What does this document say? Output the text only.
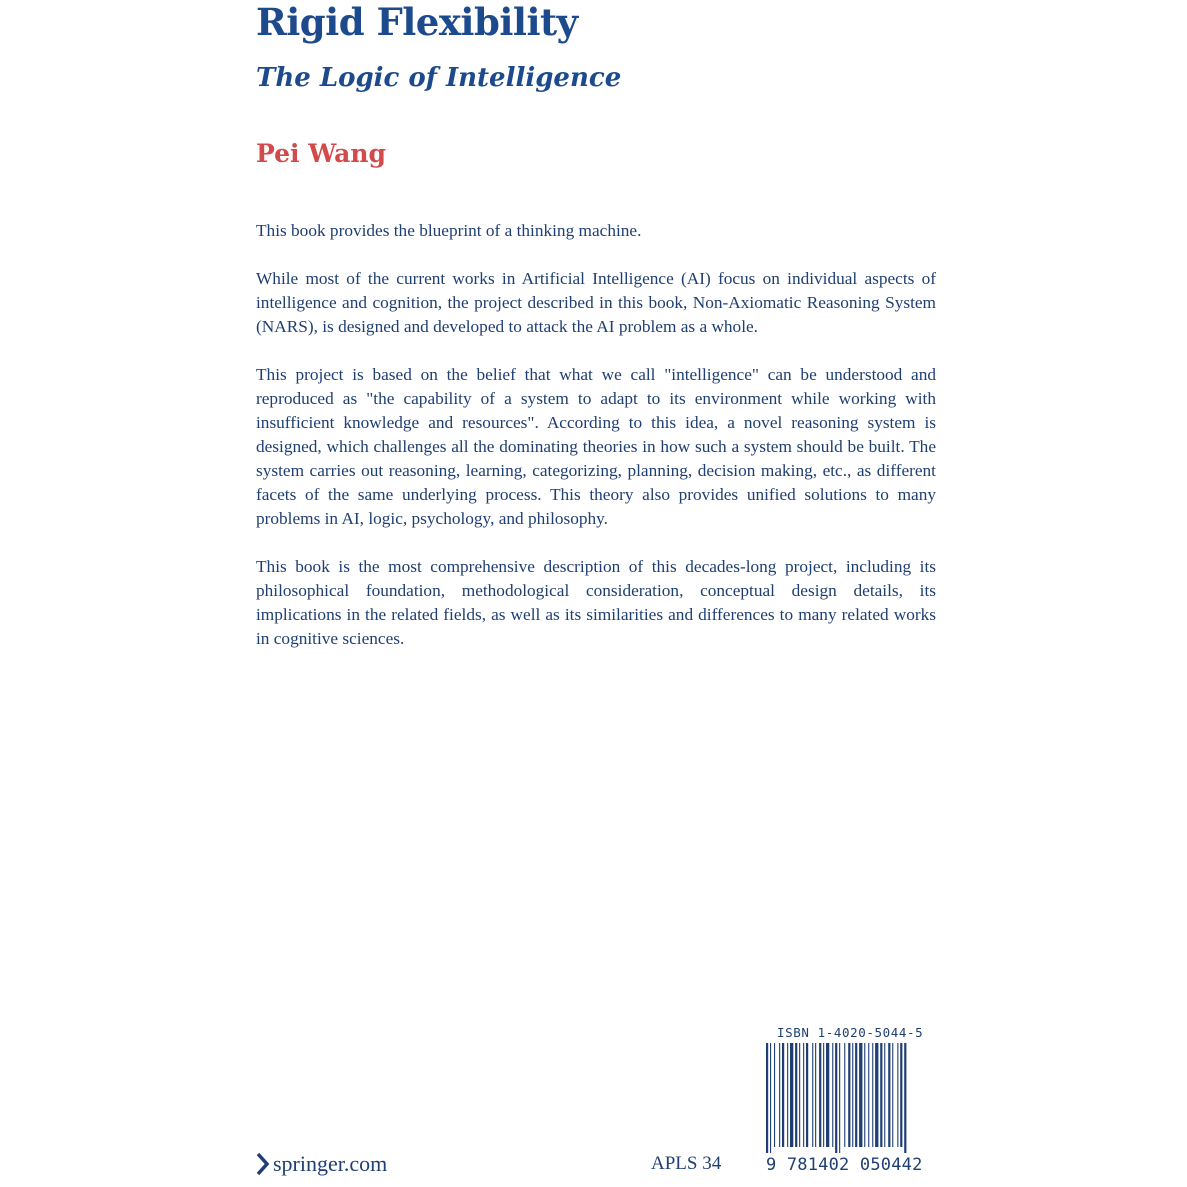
Rigid Flexibility
The Logic of Intelligence
Pei Wang

This book provides the blueprint of a thinking machine.

While most of the current works in Artificial Intelligence (AI) focus on individual aspects of intelligence and cognition, the project described in this book, Non-Axiomatic Reasoning System (NARS), is designed and developed to attack the AI problem as a whole.

This project is based on the belief that what we call "intelligence" can be understood and reproduced as "the capability of a system to adapt to its environment while working with insufficient knowledge and resources". According to this idea, a novel reasoning system is designed, which challenges all the dominating theories in how such a system should be built. The system carries out reasoning, learning, categorizing, planning, decision making, etc., as different facets of the same underlying process. This theory also provides unified solutions to many problems in AI, logic, psychology, and philosophy.

This book is the most comprehensive description of this decades-long project, including its philosophical foundation, methodological consideration, conceptual design details, its implications in the related fields, as well as its similarities and differences to many related works in cognitive sciences.

ISBN 1-4020-5044-5

9 781402 050442

springer.com	APLS 34
